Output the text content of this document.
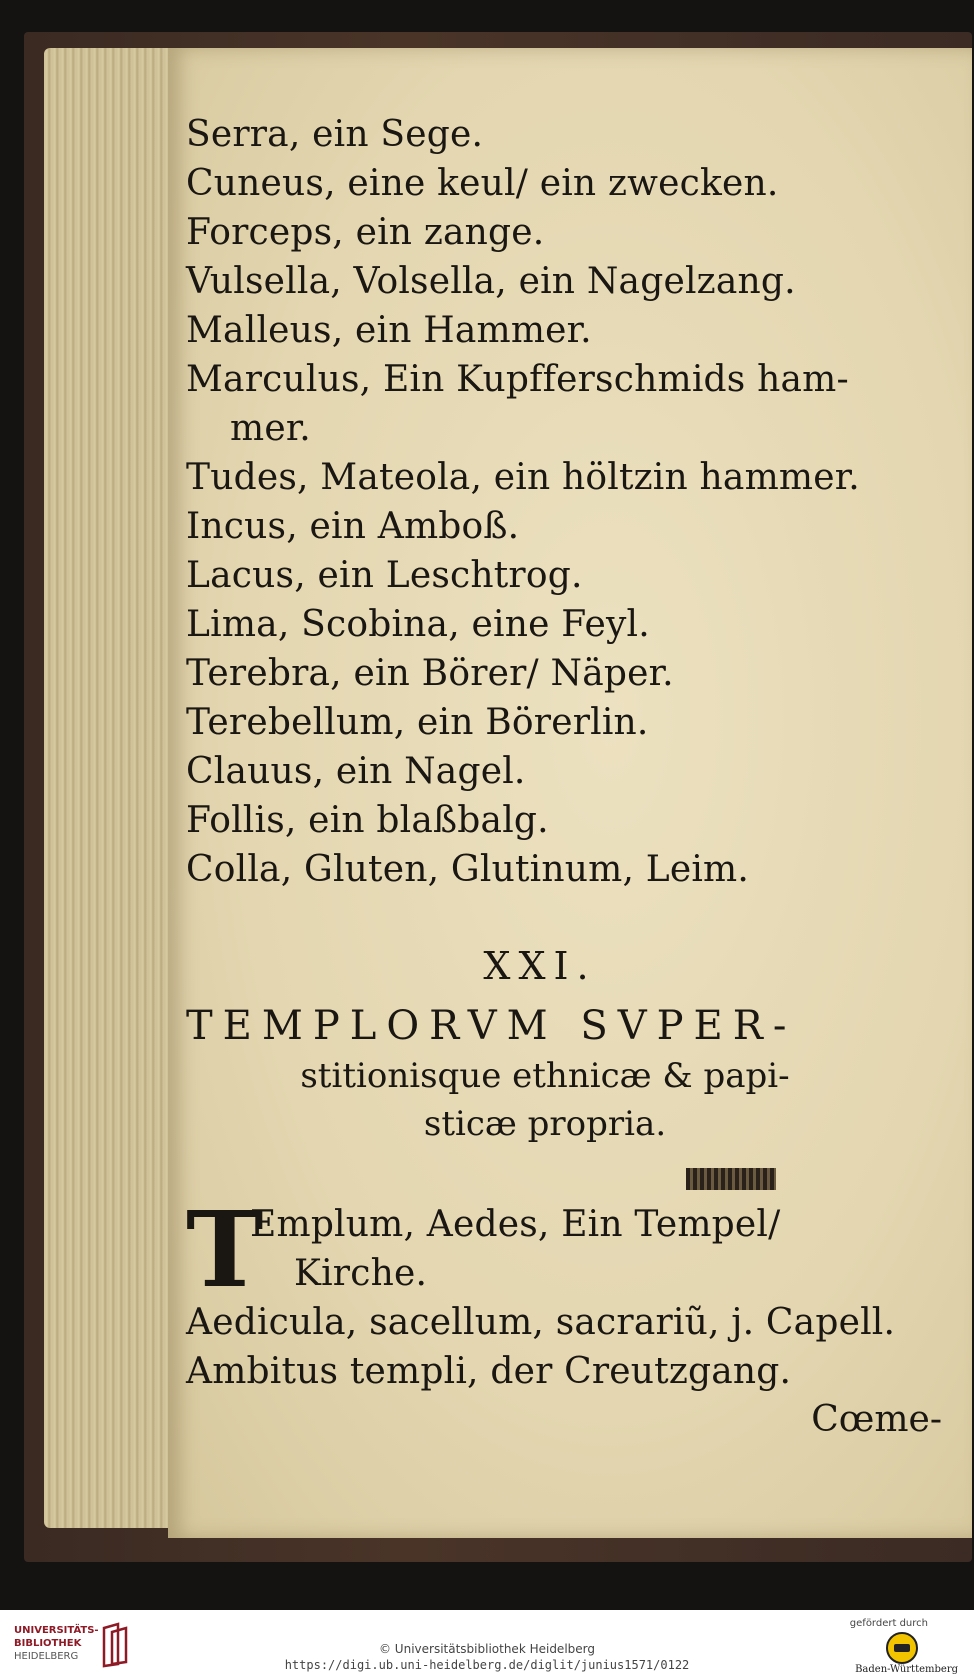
Serra, ein Sege.
Cuneus, eine keul/ ein zwecken.
Forceps, ein zange.
Vulsella, Volsella, ein Nagelzang.
Malleus, ein Hammer.
Marculus, Ein Kupfferschmids ham-
mer.
Tudes, Mateola, ein höltzin hammer.
Incus, ein Amboß.
Lacus, ein Leschtrog.
Lima, Scobina, eine Feyl.
Terebra, ein Börer/ Näper.
Terebellum, ein Börerlin.
Clauus, ein Nagel.
Follis, ein blaßbalg.
Colla, Gluten, Glutinum, Leim.
XXI.
TEMPLORVM SVPER-
stitionisque ethnicæ & papi-
sticæ propria.
T
Emplum, Aedes, Ein Tempel/
Kirche.
Aedicula, sacellum, sacrariũ, j. Capell.
Ambitus templi, der Creutzgang.
Cœme-
UNIVERSITÄTS-
BIBLIOTHEK
HEIDELBERG
© Universitätsbibliothek Heidelberg
https://digi.ub.uni-heidelberg.de/diglit/junius1571/0122
gefördert durch
Baden-Württemberg
